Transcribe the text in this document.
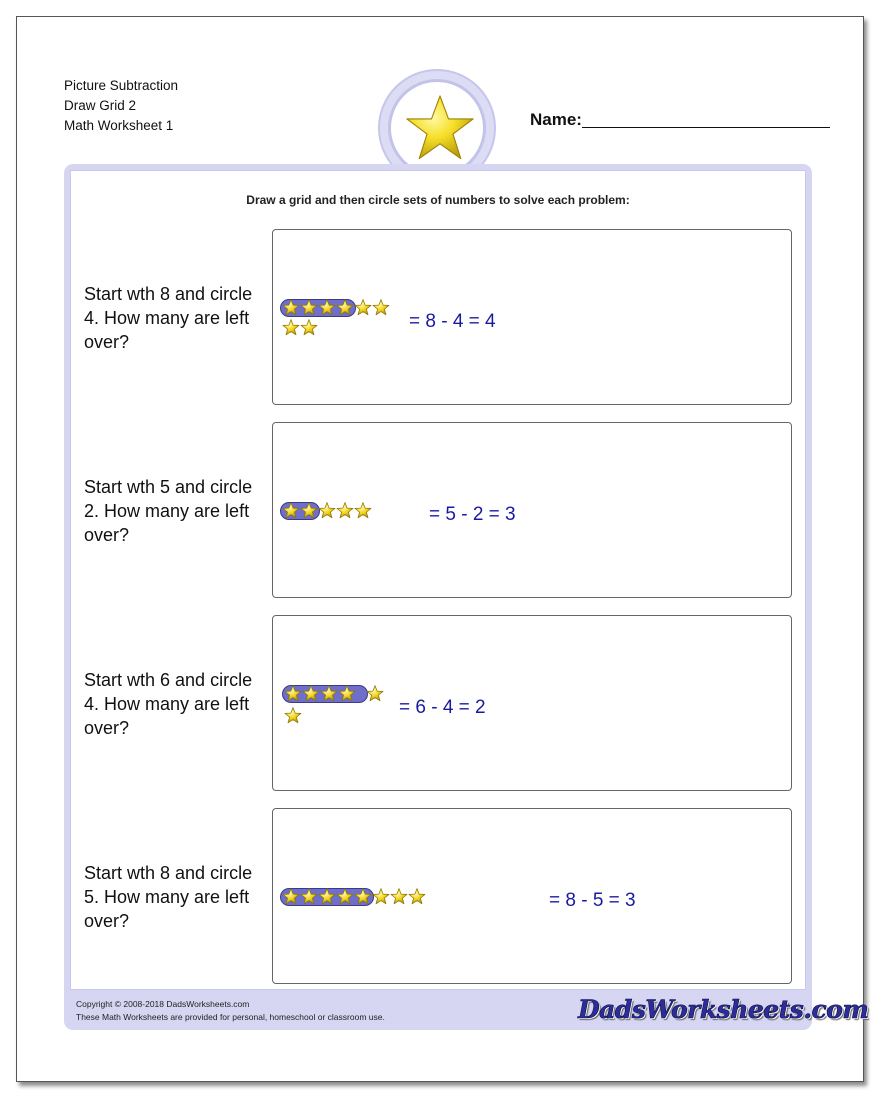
Picture Subtraction
Draw Grid 2
Math Worksheet 1	Name:
Draw a grid and then circle sets of numbers to solve each problem:
Start wth 8 and circle 4. How many are left over?
= 8 - 4 = 4
Start wth 5 and circle 2. How many are left over?
= 5 - 2 = 3
Start wth 6 and circle 4. How many are left over?
= 6 - 4 = 2
Start wth 8 and circle 5. How many are left over?
= 8 - 5 = 3
Copyright © 2008-2018 DadsWorksheets.com
These Math Worksheets are provided for personal, homeschool or classroom use.	DadsWorksheets.com
